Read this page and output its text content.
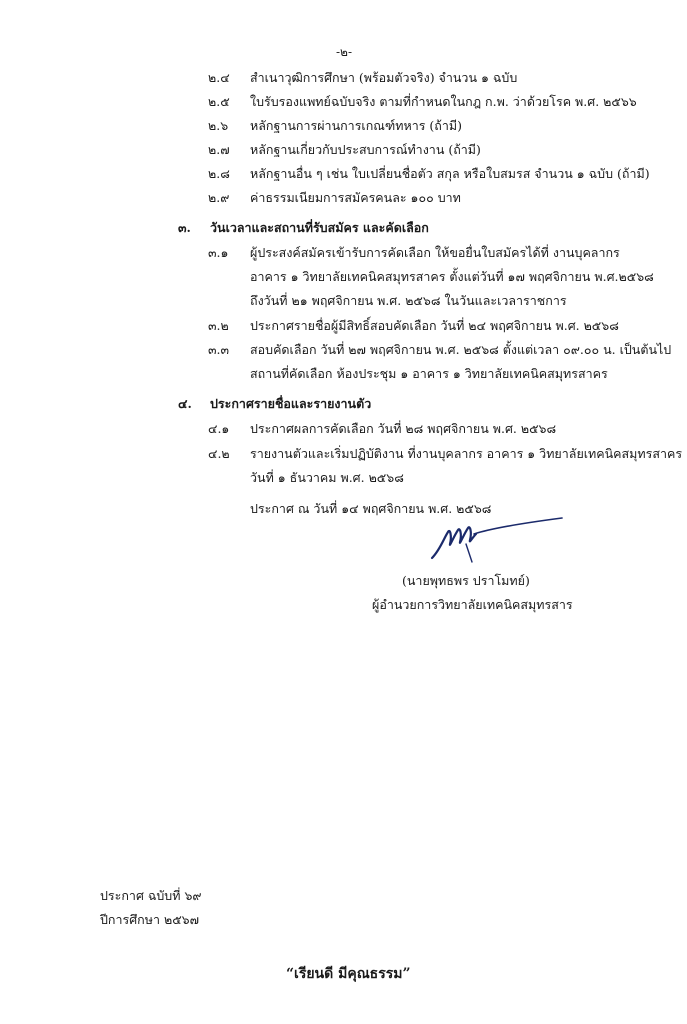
-๒-
๒.๔ สำเนาวุฒิการศึกษา (พร้อมตัวจริง) จำนวน ๑ ฉบับ
๒.๕ ใบรับรองแพทย์ฉบับจริง ตามที่กำหนดในกฎ ก.พ. ว่าด้วยโรค พ.ศ. ๒๕๖๖
๒.๖ หลักฐานการผ่านการเกณฑ์ทหาร (ถ้ามี)
๒.๗ หลักฐานเกี่ยวกับประสบการณ์ทำงาน (ถ้ามี)
๒.๘ หลักฐานอื่น ๆ เช่น ใบเปลี่ยนชื่อตัว สกุล หรือใบสมรส จำนวน ๑ ฉบับ (ถ้ามี)
๒.๙ ค่าธรรมเนียมการสมัครคนละ ๑๐๐ บาท
๓. วันเวลาและสถานที่รับสมัคร และคัดเลือก
๓.๑ ผู้ประสงค์สมัครเข้ารับการคัดเลือก ให้ขอยื่นใบสมัครได้ที่ งานบุคลากร
อาคาร ๑ วิทยาลัยเทคนิคสมุทรสาคร ตั้งแต่วันที่ ๑๗ พฤศจิกายน พ.ศ.๒๕๖๘
ถึงวันที่ ๒๑ พฤศจิกายน พ.ศ. ๒๕๖๘ ในวันและเวลาราชการ
๓.๒ ประกาศรายชื่อผู้มีสิทธิ์สอบคัดเลือก วันที่ ๒๔ พฤศจิกายน พ.ศ. ๒๕๖๘
๓.๓ สอบคัดเลือก วันที่ ๒๗ พฤศจิกายน พ.ศ. ๒๕๖๘ ตั้งแต่เวลา ๐๙.๐๐ น. เป็นต้นไป
สถานที่คัดเลือก ห้องประชุม ๑ อาคาร ๑ วิทยาลัยเทคนิคสมุทรสาคร
๔. ประกาศรายชื่อและรายงานตัว
๔.๑ ประกาศผลการคัดเลือก วันที่ ๒๘ พฤศจิกายน พ.ศ. ๒๕๖๘
๔.๒ รายงานตัวและเริ่มปฏิบัติงาน ที่งานบุคลากร อาคาร ๑ วิทยาลัยเทคนิคสมุทรสาคร
วันที่ ๑ ธันวาคม พ.ศ. ๒๕๖๘
ประกาศ ณ วันที่ ๑๔ พฤศจิกายน พ.ศ. ๒๕๖๘
(นายพุทธพร ปราโมทย์)
ผู้อำนวยการวิทยาลัยเทคนิคสมุทรสาร
ประกาศ ฉบับที่ ๖๙
ปีการศึกษา ๒๕๖๗
“เรียนดี มีคุณธรรม”
